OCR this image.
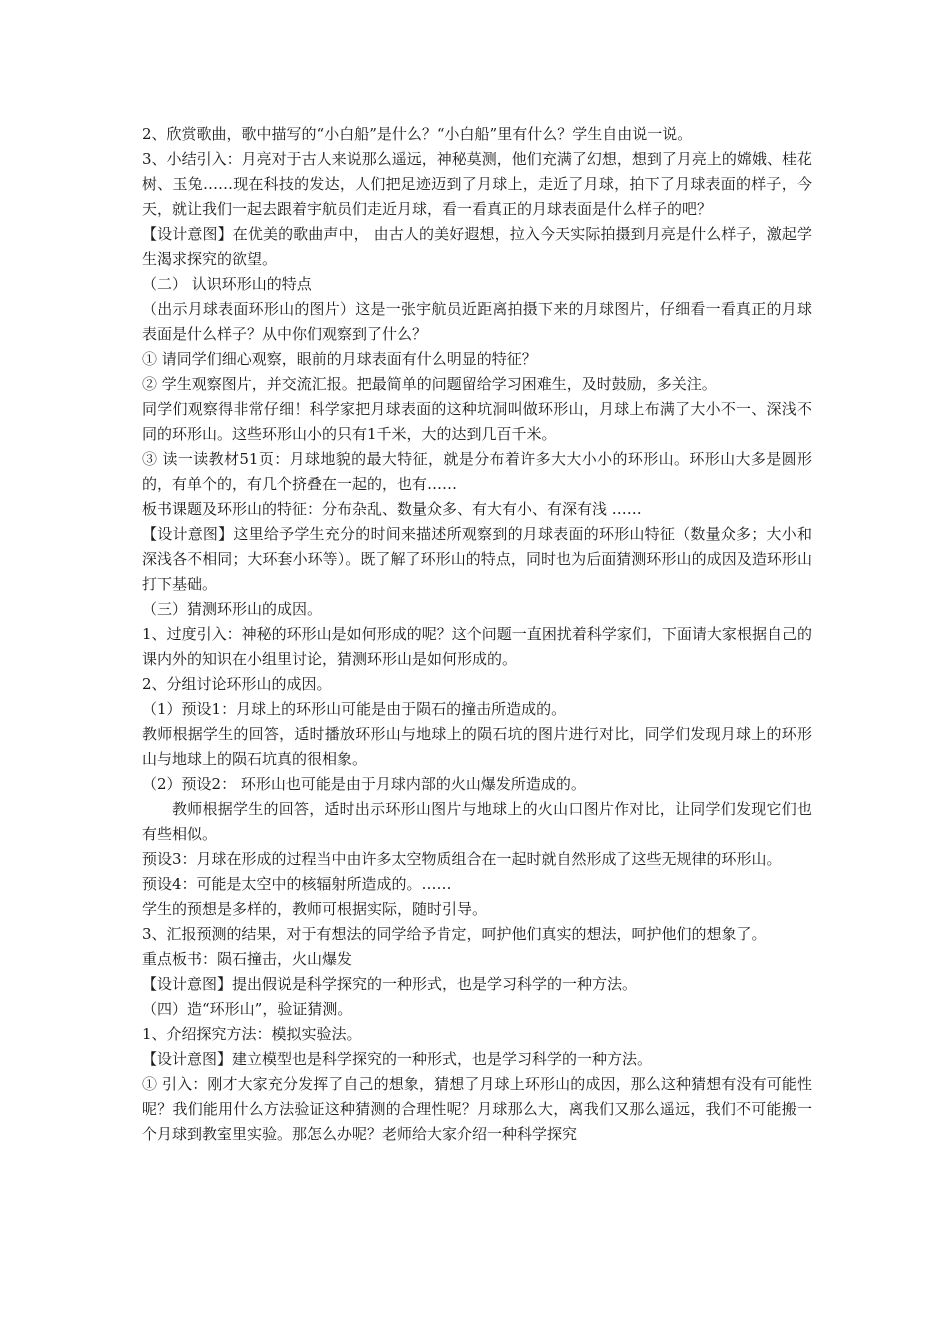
2、欣赏歌曲，歌中描写的“小白船”是什么？“小白船”里有什么？学生自由说一说。

3、小结引入：月亮对于古人来说那么遥远，神秘莫测，他们充满了幻想，想到了月亮上的嫦娥、桂花树、玉兔……现在科技的发达，人们把足迹迈到了月球上，走近了月球，拍下了月球表面的样子，今天，就让我们一起去跟着宇航员们走近月球，看一看真正的月球表面是什么样子的吧？

【设计意图】在优美的歌曲声中， 由古人的美好遐想，拉入今天实际拍摄到月亮是什么样子，激起学生渴求探究的欲望。

（二） 认识环形山的特点

（出示月球表面环形山的图片）这是一张宇航员近距离拍摄下来的月球图片，仔细看一看真正的月球表面是什么样子？从中你们观察到了什么？

① 请同学们细心观察，眼前的月球表面有什么明显的特征？

② 学生观察图片，并交流汇报。把最简单的问题留给学习困难生，及时鼓励，多关注。

同学们观察得非常仔细！科学家把月球表面的这种坑洞叫做环形山，月球上布满了大小不一、深浅不同的环形山。这些环形山小的只有1千米，大的达到几百千米。

③ 读一读教材51页：月球地貌的最大特征，就是分布着许多大大小小的环形山。环形山大多是圆形的，有单个的，有几个挤叠在一起的，也有……

板书课题及环形山的特征：分布杂乱、数量众多、有大有小、有深有浅 ……

【设计意图】这里给予学生充分的时间来描述所观察到的月球表面的环形山特征（数量众多；大小和深浅各不相同；大环套小环等）。既了解了环形山的特点，同时也为后面猜测环形山的成因及造环形山打下基础。

（三）猜测环形山的成因。

1、过度引入：神秘的环形山是如何形成的呢？这个问题一直困扰着科学家们，下面请大家根据自己的课内外的知识在小组里讨论，猜测环形山是如何形成的。

2、分组讨论环形山的成因。

（1）预设1：月球上的环形山可能是由于陨石的撞击所造成的。

教师根据学生的回答，适时播放环形山与地球上的陨石坑的图片进行对比，同学们发现月球上的环形山与地球上的陨石坑真的很相象。

（2）预设2： 环形山也可能是由于月球内部的火山爆发所造成的。

教师根据学生的回答，适时出示环形山图片与地球上的火山口图片作对比，让同学们发现它们也有些相似。

预设3：月球在形成的过程当中由许多太空物质组合在一起时就自然形成了这些无规律的环形山。

预设4：可能是太空中的核辐射所造成的。……

学生的预想是多样的，教师可根据实际，随时引导。

3、汇报预测的结果，对于有想法的同学给予肯定，呵护他们真实的想法，呵护他们的想象了。

重点板书：陨石撞击，火山爆发

【设计意图】提出假说是科学探究的一种形式，也是学习科学的一种方法。

（四）造“环形山”，验证猜测。

1、介绍探究方法：模拟实验法。

【设计意图】建立模型也是科学探究的一种形式，也是学习科学的一种方法。

① 引入：刚才大家充分发挥了自己的想象，猜想了月球上环形山的成因，那么这种猜想有没有可能性呢？我们能用什么方法验证这种猜测的合理性呢？月球那么大，离我们又那么遥远，我们不可能搬一个月球到教室里实验。那怎么办呢？老师给大家介绍一种科学探究
